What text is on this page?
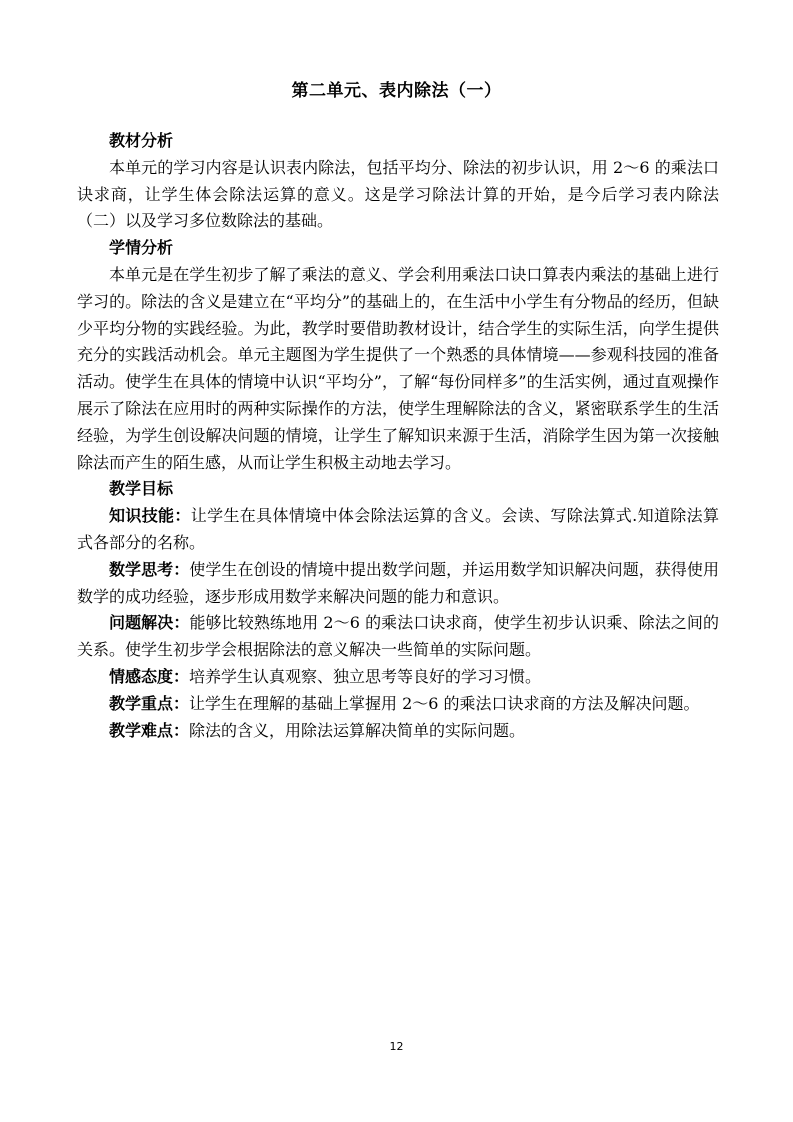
第二单元、表内除法（一）
教材分析

本单元的学习内容是认识表内除法，包括平均分、除法的初步认识，用 2～6 的乘法口诀求商，让学生体会除法运算的意义。这是学习除法计算的开始，是今后学习表内除法（二）以及学习多位数除法的基础。

学情分析

本单元是在学生初步了解了乘法的意义、学会利用乘法口诀口算表内乘法的基础上进行学习的。除法的含义是建立在“平均分”的基础上的，在生活中小学生有分物品的经历，但缺少平均分物的实践经验。为此，教学时要借助教材设计，结合学生的实际生活，向学生提供充分的实践活动机会。单元主题图为学生提供了一个熟悉的具体情境——参观科技园的准备活动。使学生在具体的情境中认识“平均分”，了解“每份同样多”的生活实例，通过直观操作展示了除法在应用时的两种实际操作的方法，使学生理解除法的含义，紧密联系学生的生活经验，为学生创设解决问题的情境，让学生了解知识来源于生活，消除学生因为第一次接触除法而产生的陌生感，从而让学生积极主动地去学习。

教学目标

知识技能：让学生在具体情境中体会除法运算的含义。会读、写除法算式.知道除法算式各部分的名称。

数学思考：使学生在创设的情境中提出数学问题，并运用数学知识解决问题，获得使用数学的成功经验，逐步形成用数学来解决问题的能力和意识。

问题解决：能够比较熟练地用 2～6 的乘法口诀求商，使学生初步认识乘、除法之间的关系。使学生初步学会根据除法的意义解决一些简单的实际问题。

情感态度：培养学生认真观察、独立思考等良好的学习习惯。

教学重点：让学生在理解的基础上掌握用 2～6 的乘法口诀求商的方法及解决问题。

教学难点：除法的含义，用除法运算解决简单的实际问题。

12
